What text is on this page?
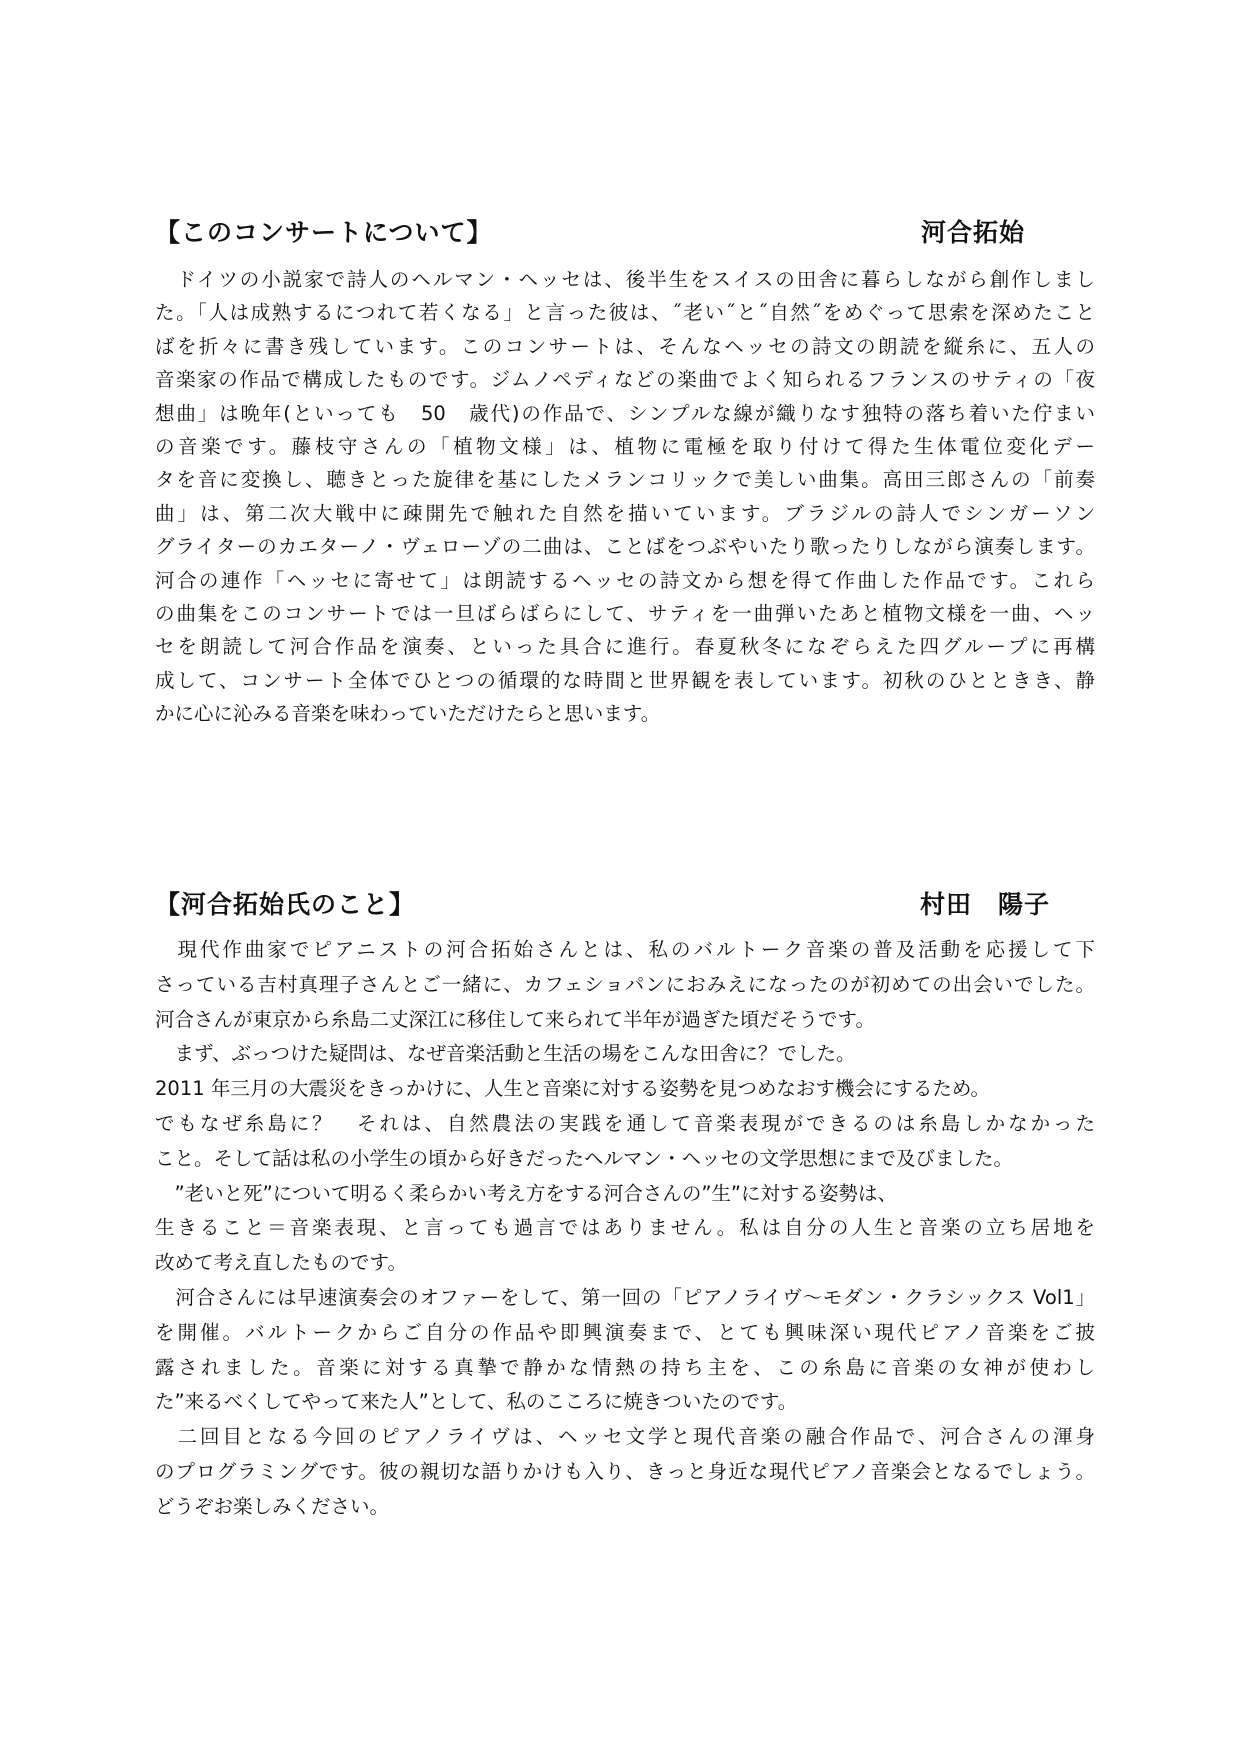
【このコンサートについて】	河合拓始
　ドイツの小説家で詩人のヘルマン・ヘッセは、後半生をスイスの田舎に暮らしながら創作しまし
た。「人は成熟するにつれて若くなる」と言った彼は、˝老い˝と˝自然˝をめぐって思索を深めたこと
ばを折々に書き残しています。このコンサートは、そんなヘッセの詩文の朗読を縦糸に、五人の
音楽家の作品で構成したものです。ジムノペディなどの楽曲でよく知られるフランスのサティの「夜
想曲」は晩年(といっても　50　歳代)の作品で、シンプルな線が織りなす独特の落ち着いた佇まい
の音楽です。藤枝守さんの「植物文様」は、植物に電極を取り付けて得た生体電位変化デー
タを音に変換し、聴きとった旋律を基にしたメランコリックで美しい曲集。高田三郎さんの「前奏
曲」は、第二次大戦中に疎開先で触れた自然を描いています。ブラジルの詩人でシンガーソン
グライターのカエターノ・ヴェローゾの二曲は、ことばをつぶやいたり歌ったりしながら演奏します。
河合の連作「ヘッセに寄せて」は朗読するヘッセの詩文から想を得て作曲した作品です。これら
の曲集をこのコンサートでは一旦ばらばらにして、サティを一曲弾いたあと植物文様を一曲、ヘッ
セを朗読して河合作品を演奏、といった具合に進行。春夏秋冬になぞらえた四グループに再構
成して、コンサート全体でひとつの循環的な時間と世界観を表しています。初秋のひとときき、静
かに心に沁みる音楽を味わっていただけたらと思います。
【河合拓始氏のこと】	村田　陽子
　現代作曲家でピアニストの河合拓始さんとは、私のバルトーク音楽の普及活動を応援して下
さっている吉村真理子さんとご一緒に、カフェショパンにおみえになったのが初めての出会いでした。
河合さんが東京から糸島二丈深江に移住して来られて半年が過ぎた頃だそうです。
　まず、ぶっつけた疑問は、なぜ音楽活動と生活の場をこんな田舎に？でした。
2011 年三月の大震災をきっかけに、人生と音楽に対する姿勢を見つめなおす機会にするため。
でもなぜ糸島に？　それは、自然農法の実践を通して音楽表現ができるのは糸島しかなかった
こと。そして話は私の小学生の頃から好きだったヘルマン・ヘッセの文学思想にまで及びました。
　”老いと死”について明るく柔らかい考え方をする河合さんの”生”に対する姿勢は、
生きること＝音楽表現、と言っても過言ではありません。私は自分の人生と音楽の立ち居地を
改めて考え直したものです。
　河合さんには早速演奏会のオファーをして、第一回の「ピアノライヴ〜モダン・クラシックス Vol1」
を開催。バルトークからご自分の作品や即興演奏まで、とても興味深い現代ピアノ音楽をご披
露されました。音楽に対する真摯で静かな情熱の持ち主を、この糸島に音楽の女神が使わし
た”来るべくしてやって来た人”として、私のこころに焼きついたのです。
　二回目となる今回のピアノライヴは、ヘッセ文学と現代音楽の融合作品で、河合さんの渾身
のプログラミングです。彼の親切な語りかけも入り、きっと身近な現代ピアノ音楽会となるでしょう。
どうぞお楽しみください。
